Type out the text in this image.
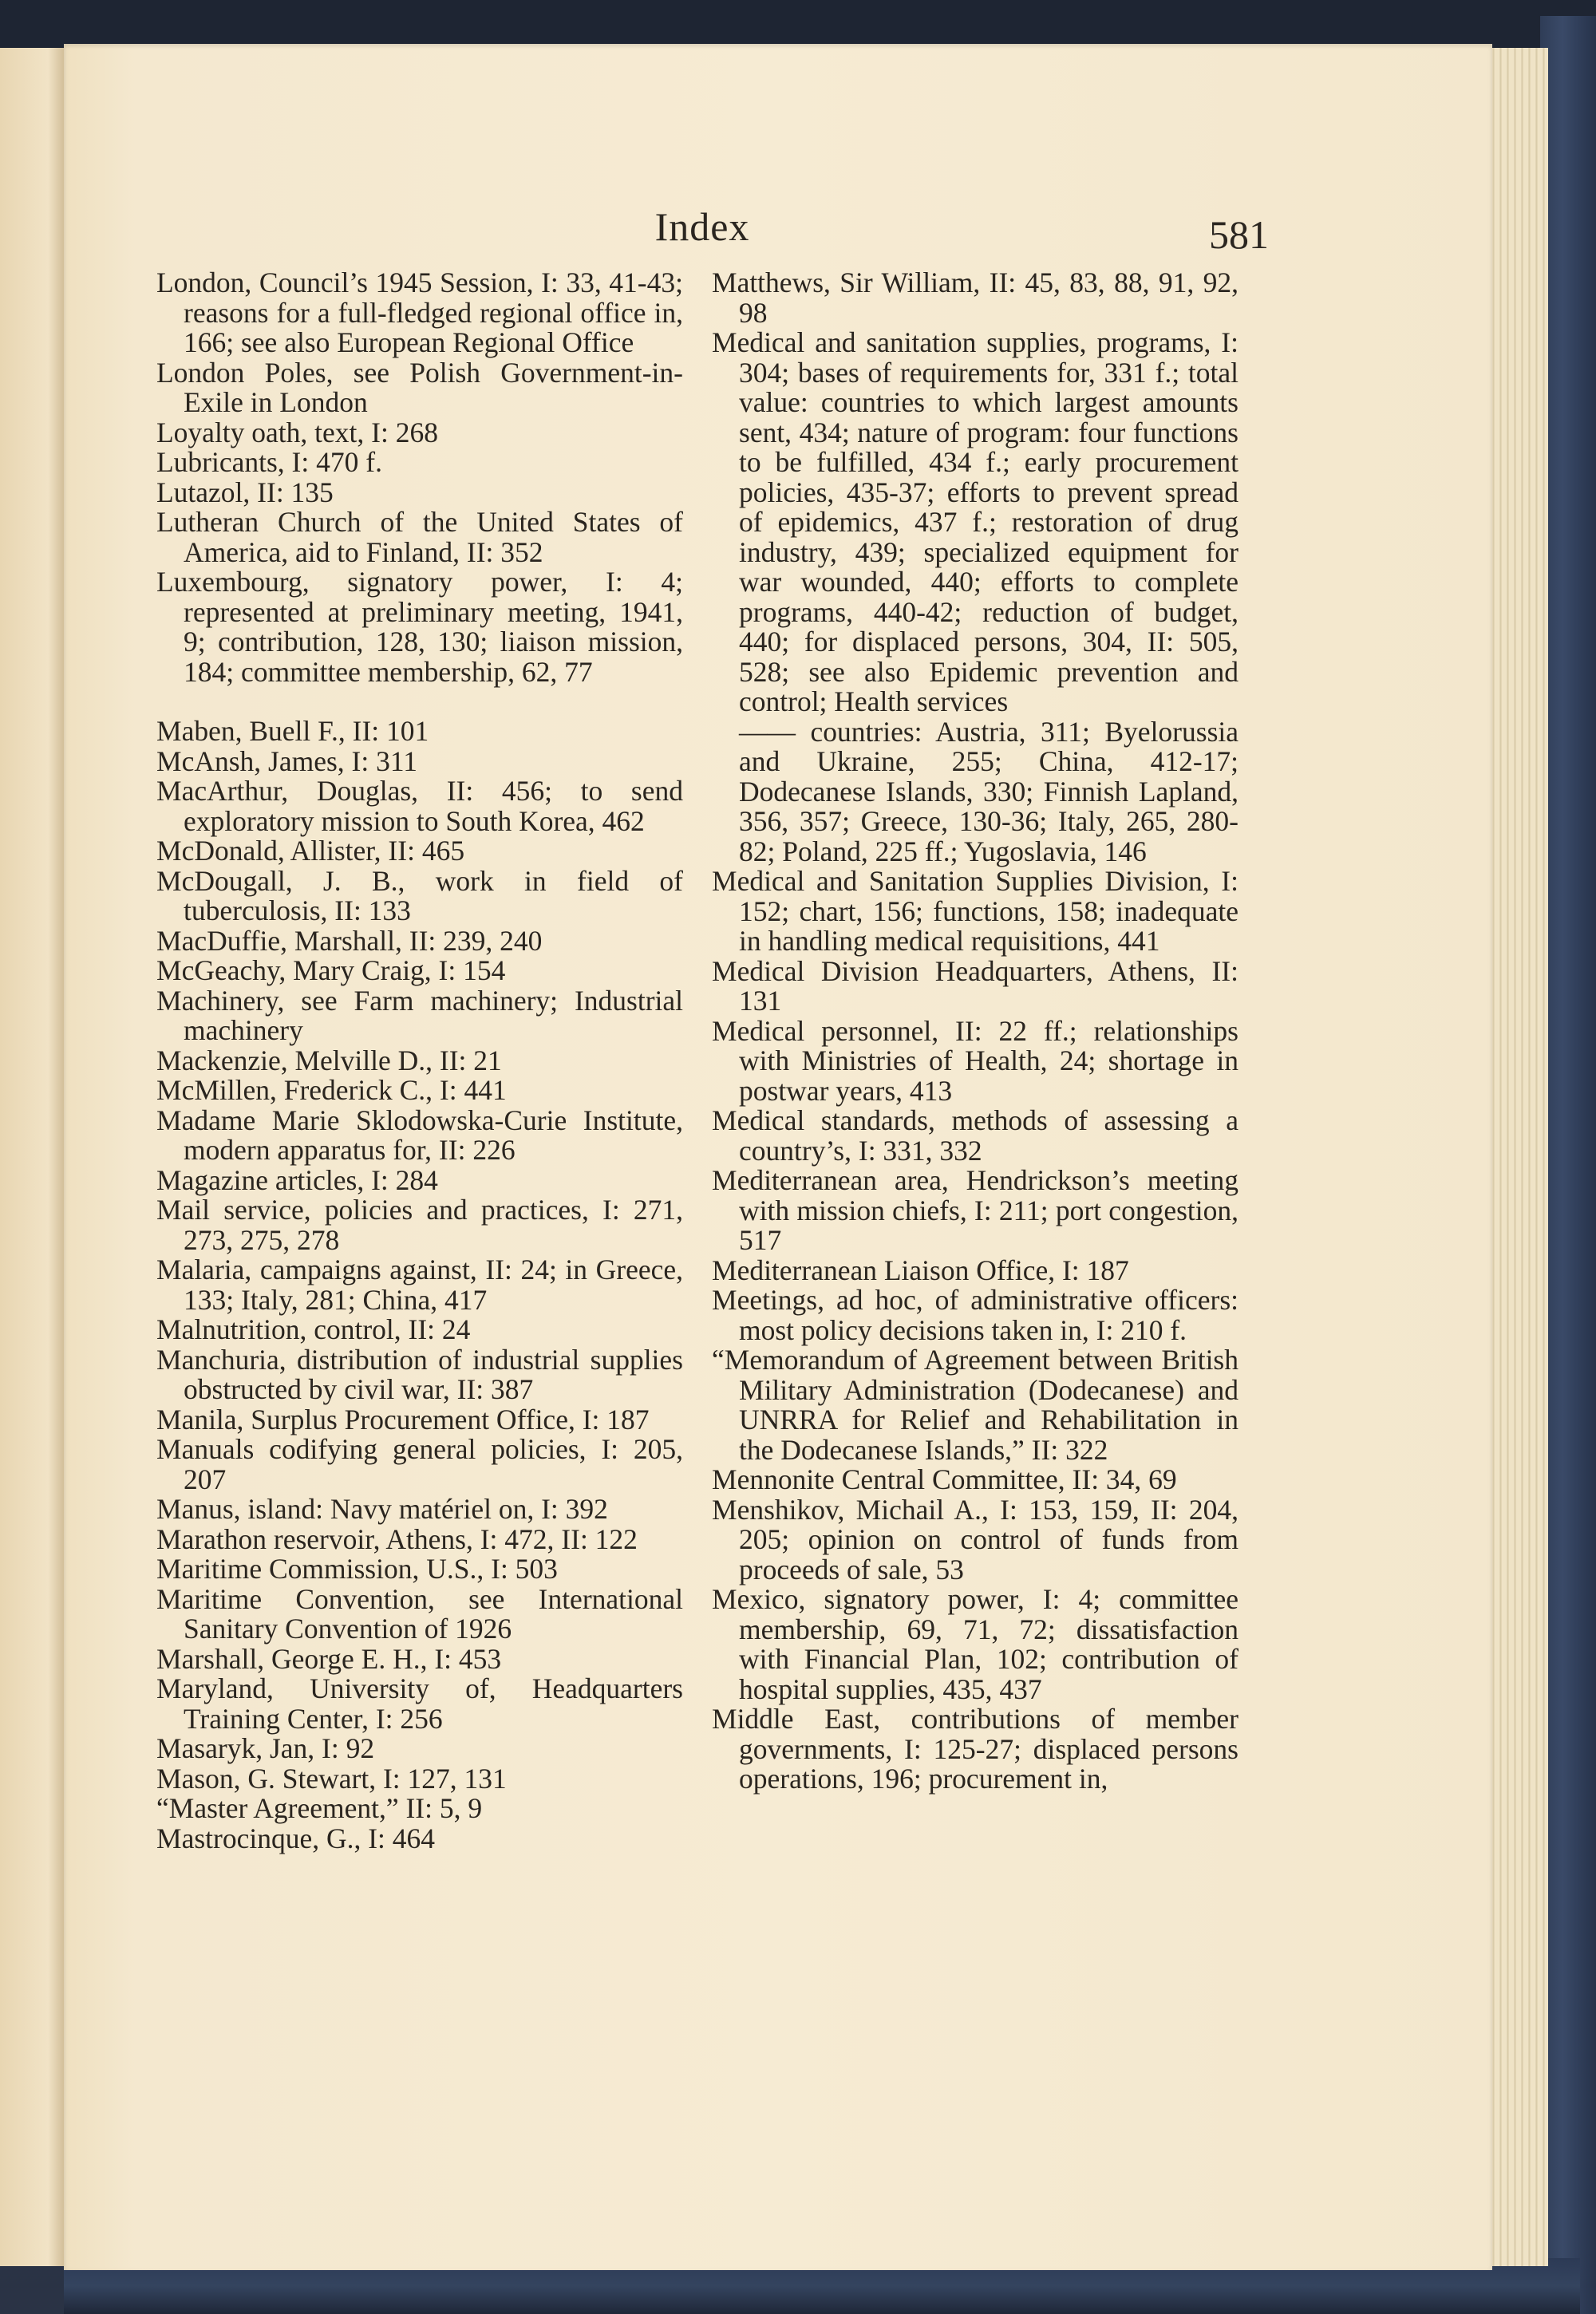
Index	581
London, Council’s 1945 Session, I: 33, 41-43; reasons for a full-fledged regional office in, 166; see also European Regional Office
London Poles, see Polish Government-in-Exile in London
Loyalty oath, text, I: 268
Lubricants, I: 470 f.
Lutazol, II: 135
Lutheran Church of the United States of America, aid to Finland, II: 352
Luxembourg, signatory power, I: 4; represented at preliminary meeting, 1941, 9; contribution, 128, 130; liaison mission, 184; committee membership, 62, 77
Maben, Buell F., II: 101
McAnsh, James, I: 311
MacArthur, Douglas, II: 456; to send exploratory mission to South Korea, 462
McDonald, Allister, II: 465
McDougall, J. B., work in field of tuberculosis, II: 133
MacDuffie, Marshall, II: 239, 240
McGeachy, Mary Craig, I: 154
Machinery, see Farm machinery; Industrial machinery
Mackenzie, Melville D., II: 21
McMillen, Frederick C., I: 441
Madame Marie Sklodowska-Curie Institute, modern apparatus for, II: 226
Magazine articles, I: 284
Mail service, policies and practices, I: 271, 273, 275, 278
Malaria, campaigns against, II: 24; in Greece, 133; Italy, 281; China, 417
Malnutrition, control, II: 24
Manchuria, distribution of industrial supplies obstructed by civil war, II: 387
Manila, Surplus Procurement Office, I: 187
Manuals codifying general policies, I: 205, 207
Manus, island: Navy matériel on, I: 392
Marathon reservoir, Athens, I: 472, II: 122
Maritime Commission, U.S., I: 503
Maritime Convention, see International Sanitary Convention of 1926
Marshall, George E. H., I: 453
Maryland, University of, Headquarters Training Center, I: 256
Masaryk, Jan, I: 92
Mason, G. Stewart, I: 127, 131
“Master Agreement,” II: 5, 9
Mastrocinque, G., I: 464
Matthews, Sir William, II: 45, 83, 88, 91, 92, 98
Medical and sanitation supplies, programs, I: 304; bases of requirements for, 331 f.; total value: countries to which largest amounts sent, 434; nature of program: four functions to be fulfilled, 434 f.; early procurement policies, 435-37; efforts to prevent spread of epidemics, 437 f.; restoration of drug industry, 439; specialized equipment for war wounded, 440; efforts to complete programs, 440-42; reduction of budget, 440; for displaced persons, 304, II: 505, 528; see also Epidemic prevention and control; Health services
—— countries: Austria, 311; Byelorussia and Ukraine, 255; China, 412-17; Dodecanese Islands, 330; Finnish Lapland, 356, 357; Greece, 130-36; Italy, 265, 280-82; Poland, 225 ff.; Yugoslavia, 146
Medical and Sanitation Supplies Division, I: 152; chart, 156; functions, 158; inadequate in handling medical requisitions, 441
Medical Division Headquarters, Athens, II: 131
Medical personnel, II: 22 ff.; relationships with Ministries of Health, 24; shortage in postwar years, 413
Medical standards, methods of assessing a country’s, I: 331, 332
Mediterranean area, Hendrickson’s meeting with mission chiefs, I: 211; port congestion, 517
Mediterranean Liaison Office, I: 187
Meetings, ad hoc, of administrative officers: most policy decisions taken in, I: 210 f.
“Memorandum of Agreement between British Military Administration (Dodecanese) and UNRRA for Relief and Rehabilitation in the Dodecanese Islands,” II: 322
Mennonite Central Committee, II: 34, 69
Menshikov, Michail A., I: 153, 159, II: 204, 205; opinion on control of funds from proceeds of sale, 53
Mexico, signatory power, I: 4; committee membership, 69, 71, 72; dissatisfaction with Financial Plan, 102; contribution of hospital supplies, 435, 437
Middle East, contributions of member governments, I: 125-27; displaced persons operations, 196; procurement in,
